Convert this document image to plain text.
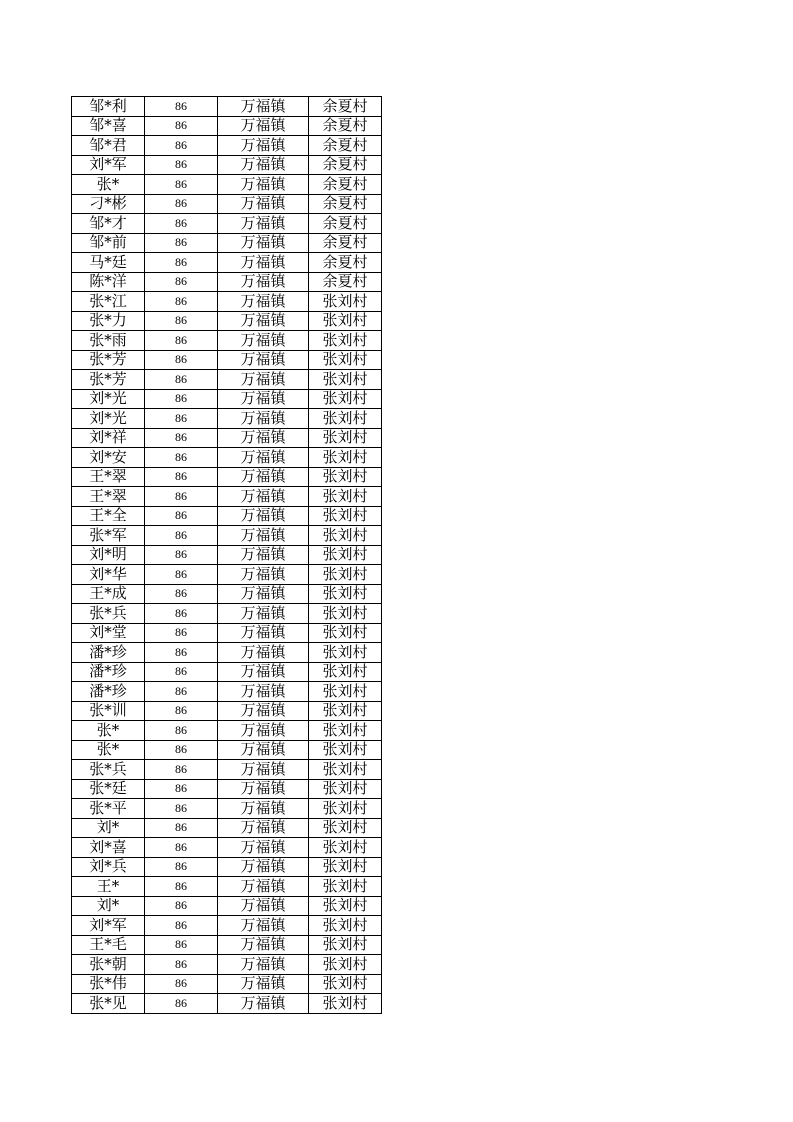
邹*利	86	万福镇	余夏村
邹*喜	86	万福镇	余夏村
邹*君	86	万福镇	余夏村
刘*军	86	万福镇	余夏村
张*	86	万福镇	余夏村
刁*彬	86	万福镇	余夏村
邹*才	86	万福镇	余夏村
邹*前	86	万福镇	余夏村
马*廷	86	万福镇	余夏村
陈*洋	86	万福镇	余夏村
张*江	86	万福镇	张刘村
张*力	86	万福镇	张刘村
张*雨	86	万福镇	张刘村
张*芳	86	万福镇	张刘村
张*芳	86	万福镇	张刘村
刘*光	86	万福镇	张刘村
刘*光	86	万福镇	张刘村
刘*祥	86	万福镇	张刘村
刘*安	86	万福镇	张刘村
王*翠	86	万福镇	张刘村
王*翠	86	万福镇	张刘村
王*全	86	万福镇	张刘村
张*军	86	万福镇	张刘村
刘*明	86	万福镇	张刘村
刘*华	86	万福镇	张刘村
王*成	86	万福镇	张刘村
张*兵	86	万福镇	张刘村
刘*堂	86	万福镇	张刘村
潘*珍	86	万福镇	张刘村
潘*珍	86	万福镇	张刘村
潘*珍	86	万福镇	张刘村
张*训	86	万福镇	张刘村
张*	86	万福镇	张刘村
张*	86	万福镇	张刘村
张*兵	86	万福镇	张刘村
张*廷	86	万福镇	张刘村
张*平	86	万福镇	张刘村
刘*	86	万福镇	张刘村
刘*喜	86	万福镇	张刘村
刘*兵	86	万福镇	张刘村
王*	86	万福镇	张刘村
刘*	86	万福镇	张刘村
刘*军	86	万福镇	张刘村
王*毛	86	万福镇	张刘村
张*朝	86	万福镇	张刘村
张*伟	86	万福镇	张刘村
张*见	86	万福镇	张刘村
